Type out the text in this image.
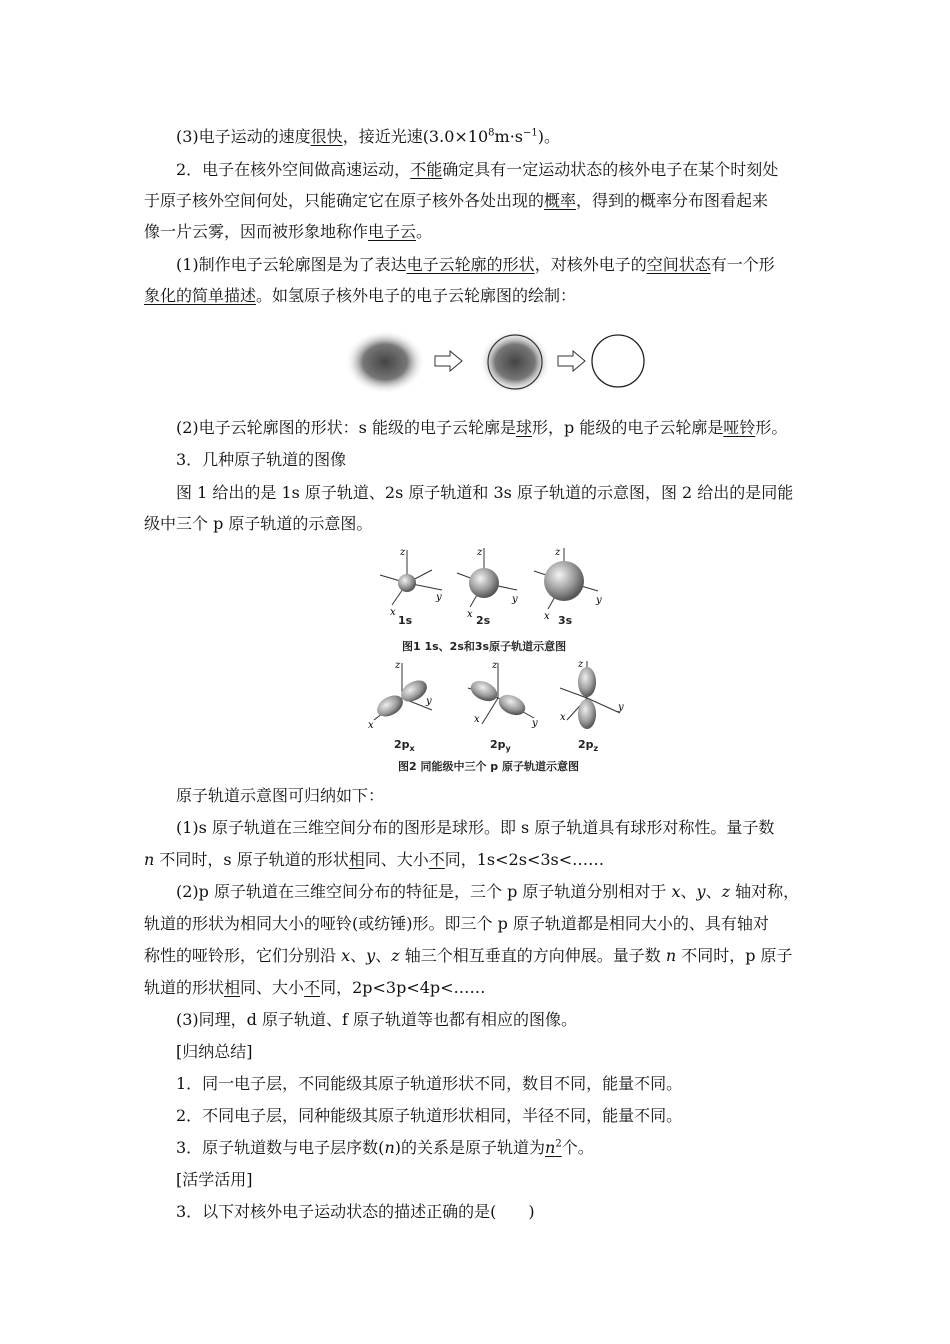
(3)电子运动的速度很快，接近光速$(3.0\times 10^8m\cdot s^{-1})$。
2．电子在核外空间做高速运动，不能确定具有一定运动状态的核外电子在某个时刻处
于原子核外空间何处，只能确定它在原子核外各处出现的概率，得到的概率分布图看起来
像一片云雾，因而被形象地称作电子云。
(1)制作电子云轮廓图是为了表达电子云轮廓的形状，对核外电子的空间状态有一个形
象化的简单描述。如氢原子核外电子的电子云轮廓图的绘制：
(2)电子云轮廓图的形状：s 能级的电子云轮廓是球形，p 能级的电子云轮廓是哑铃形。
3．几种原子轨道的图像
图 1 给出的是 1s 原子轨道、2s 原子轨道和 3s 原子轨道的示意图，图 2 给出的是同能
级中三个 p 原子轨道的示意图。
z
y
x
z
y
x
z
y
x
1s	2s	3s
图1 1s、2s和3s原子轨道示意图
z
y
x
z
y
x
z
y
x
$2p_x$	$2p_y$	$2p_z$
图2 同能级中三个 p 原子轨道示意图
原子轨道示意图可归纳如下：
(1)s 原子轨道在三维空间分布的图形是球形。即 s 原子轨道具有球形对称性。量子数
n 不同时，s 原子轨道的形状相同、大小不同，1s<2s<3s<……
(2)p 原子轨道在三维空间分布的特征是，三个 p 原子轨道分别相对于 x、y、z 轴对称，
轨道的形状为相同大小的哑铃(或纺锤)形。即三个 p 原子轨道都是相同大小的、具有轴对
称性的哑铃形，它们分别沿 x、y、z 轴三个相互垂直的方向伸展。量子数 n 不同时，p 原子
轨道的形状相同、大小不同，2p<3p<4p<……
(3)同理，d 原子轨道、f 原子轨道等也都有相应的图像。
[归纳总结]
1．同一电子层，不同能级其原子轨道形状不同，数目不同，能量不同。
2．不同电子层，同种能级其原子轨道形状相同，半径不同，能量不同。
3．原子轨道数与电子层序数(n)的关系是原子轨道为$n^2$个。
[活学活用]
3．以下对核外电子运动状态的描述正确的是(　　)
